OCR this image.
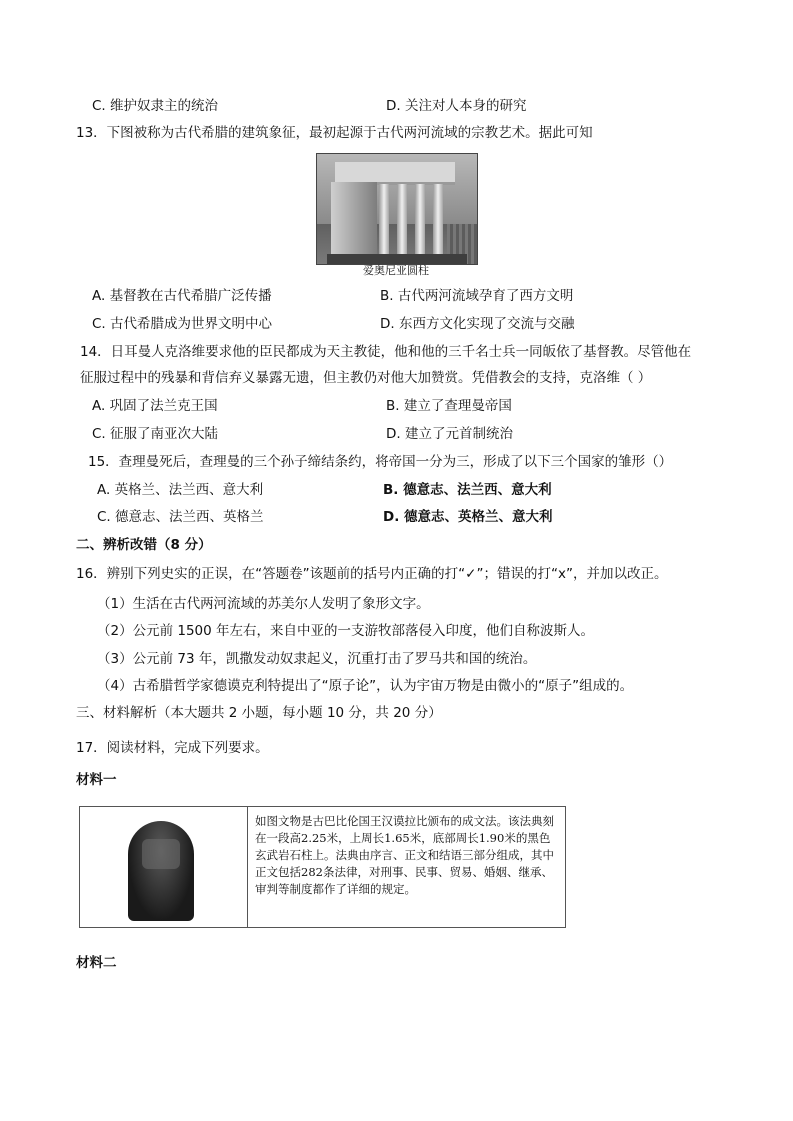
C. 维护奴隶主的统治	D. 关注对人本身的研究
13．下图被称为古代希腊的建筑象征，最初起源于古代两河流域的宗教艺术。据此可知
爱奥尼亚圆柱
A. 基督教在古代希腊广泛传播	B. 古代两河流域孕育了西方文明
C. 古代希腊成为世界文明中心	D. 东西方文化实现了交流与交融
14．日耳曼人克洛维要求他的臣民都成为天主教徒，他和他的三千名士兵一同皈依了基督教。尽管他在
征服过程中的残暴和背信弃义暴露无遗，但主教仍对他大加赞赏。凭借教会的支持，克洛维（ ）
A. 巩固了法兰克王国	B. 建立了查理曼帝国
C. 征服了南亚次大陆	D. 建立了元首制统治
15．查理曼死后，查理曼的三个孙子缔结条约，将帝国一分为三，形成了以下三个国家的雏形（）
A. 英格兰、法兰西、意大利	B. 德意志、法兰西、意大利
C. 德意志、法兰西、英格兰	D. 德意志、英格兰、意大利
二、辨析改错（8 分）
16．辨别下列史实的正误，在“答题卷”该题前的括号内正确的打“✓”；错误的打“x”，并加以改正。
（1）生活在古代两河流域的苏美尔人发明了象形文字。
（2）公元前 1500 年左右，来自中亚的一支游牧部落侵入印度，他们自称波斯人。
（3）公元前 73 年，凯撒发动奴隶起义，沉重打击了罗马共和国的统治。
（4）古希腊哲学家德谟克利特提出了“原子论”，认为宇宙万物是由微小的“原子”组成的。
三、材料解析（本大题共 2 小题，每小题 10 分，共 20 分）
17．阅读材料，完成下列要求。
材料一
如图文物是古巴比伦国王汉谟拉比颁布的成文法。该法典刻在一段高2.25米，上周长1.65米，底部周长1.90米的黑色玄武岩石柱上。法典由序言、正文和结语三部分组成，其中正文包括282条法律，对刑事、民事、贸易、婚姻、继承、审判等制度都作了详细的规定。
材料二
